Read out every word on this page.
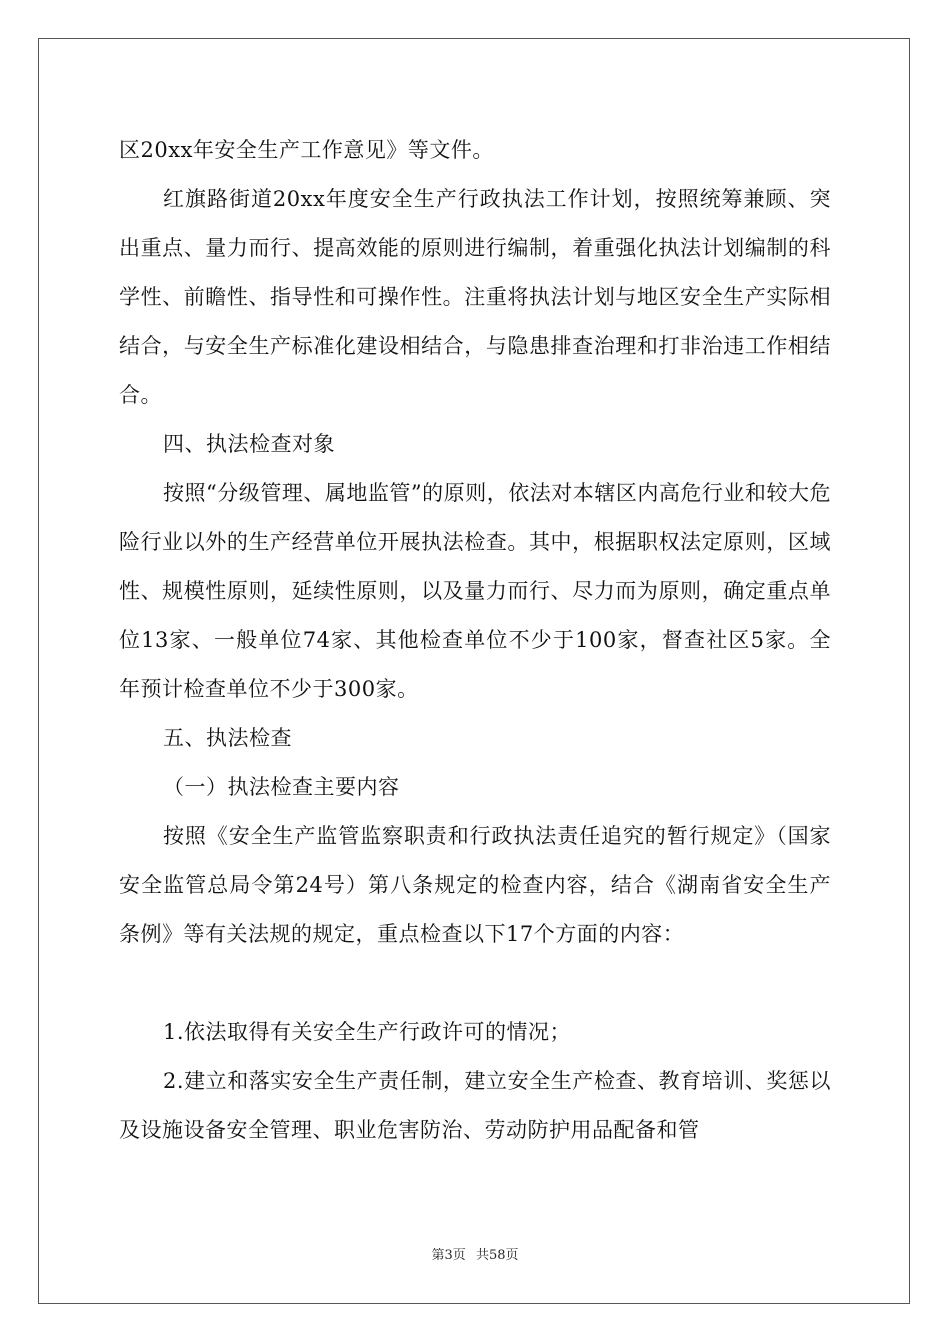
区20xx年安全生产工作意见》等文件。

红旗路街道20xx年度安全生产行政执法工作计划，按照统筹兼顾、突出重点、量力而行、提高效能的原则进行编制，着重强化执法计划编制的科学性、前瞻性、指导性和可操作性。注重将执法计划与地区安全生产实际相结合，与安全生产标准化建设相结合，与隐患排查治理和打非治违工作相结合。

四、执法检查对象

按照“分级管理、属地监管”的原则，依法对本辖区内高危行业和较大危险行业以外的生产经营单位开展执法检查。其中，根据职权法定原则，区域性、规模性原则，延续性原则，以及量力而行、尽力而为原则，确定重点单位13家、一般单位74家、其他检查单位不少于100家，督查社区5家。全年预计检查单位不少于300家。

五、执法检查

（一）执法检查主要内容

按照《安全生产监管监察职责和行政执法责任追究的暂行规定》（国家安全监管总局令第24号）第八条规定的检查内容，结合《湖南省安全生产条例》等有关法规的规定，重点检查以下17个方面的内容：

1.依法取得有关安全生产行政许可的情况；

2.建立和落实安全生产责任制，建立安全生产检查、教育培训、奖惩以及设施设备安全管理、职业危害防治、劳动防护用品配备和管

第3页 共58页
